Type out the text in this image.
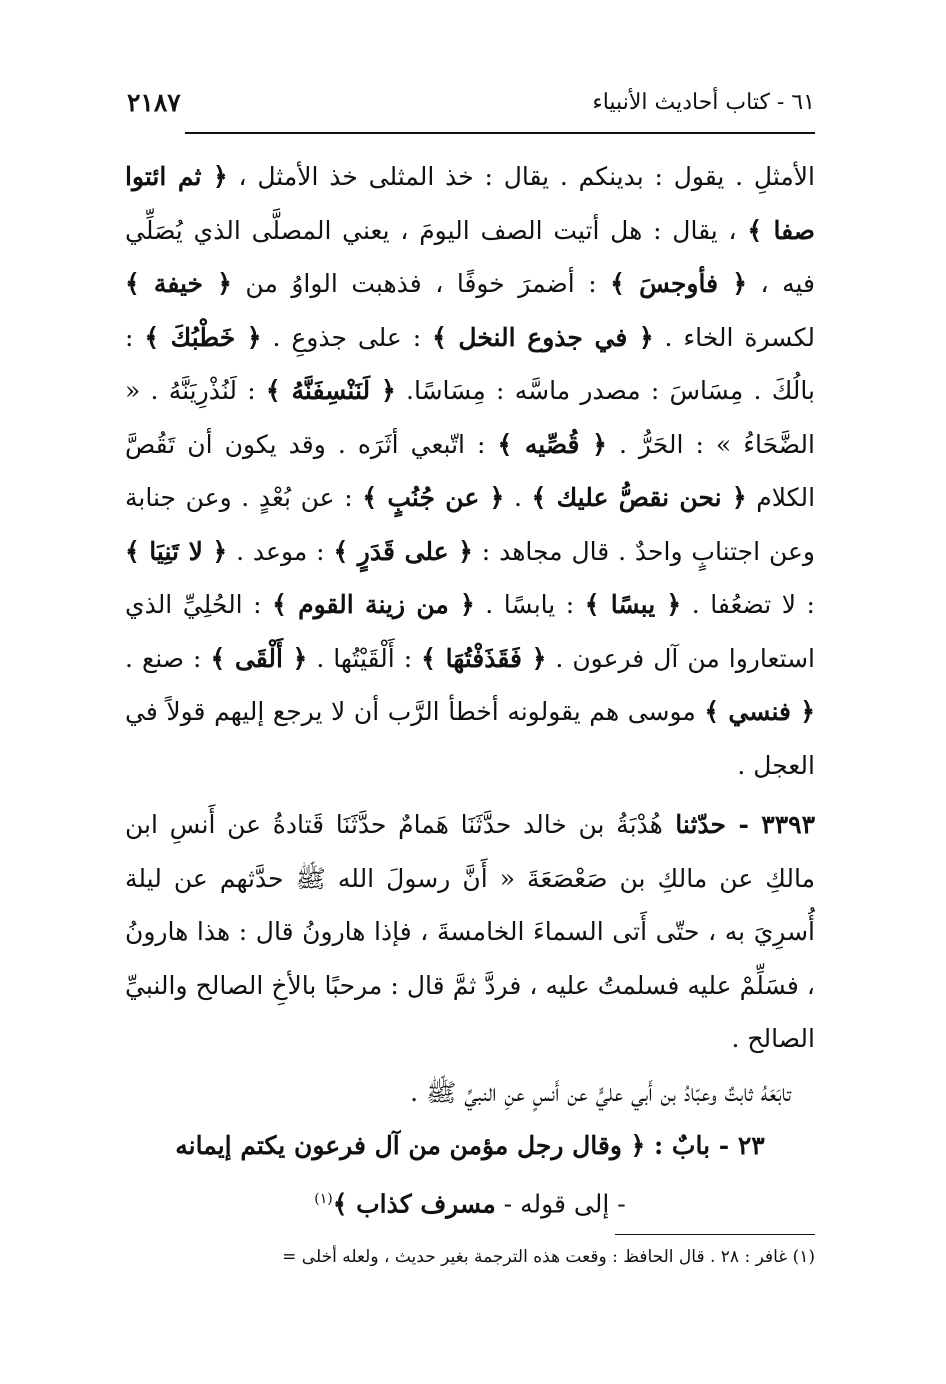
٦١ - كتاب أحاديث الأنبياء
٢١٨٧

الأمثلِ . يقول : بدينكم . يقال : خذ المثلى خذ الأمثل ، ﴿ ثم ائتوا صفا ﴾ ، يقال : هل أتيت الصف اليومَ ، يعني المصلَّى الذي يُصَلِّي فيه ، ﴿ فأوجسَ ﴾ : أضمرَ خوفًا ، فذهبت الواوُ من ﴿ خيفة ﴾ لكسرة الخاء . ﴿ في جذوع النخل ﴾ : على جذوعِ . ﴿ خَطْبُكَ ﴾ : بالُكَ . مِسَاسَ : مصدر ماسَّه : مِسَاسًا. ﴿ لَنَنْسِفَنَّهُ ﴾ : لَنُذْرِيَنَّهُ . « الضَّحَاءُ » : الحَرُّ . ﴿ قُصِّيه ﴾ : اتّبعي أثَرَه . وقد يكون أن تَقُصَّ الكلام ﴿ نحن نقصُّ عليك ﴾ . ﴿ عن جُنُبٍ ﴾ : عن بُعْدٍ . وعن جنابة وعن اجتنابٍ واحدٌ . قال مجاهد : ﴿ على قَدَرٍ ﴾ : موعد . ﴿ لا تَنِيَا ﴾ : لا تضعُفا . ﴿ يبسًا ﴾ : يابسًا . ﴿ من زينة القوم ﴾ : الحُلِيِّ الذي استعاروا من آل فرعون . ﴿ فَقَذَفْتُهَا ﴾ : أَلْقَيْتُها . ﴿ أَلْقَى ﴾ : صنع . ﴿ فنسي ﴾ موسى هم يقولونه أخطأ الرَّب أن لا يرجع إليهم قولاً في العجل .

٣٣٩٣ - حدّثنا هُدْبَةُ بن خالد حدَّثَنَا هَمامٌ حدَّثَنَا قَتادةُ عن أَنسِ ابن مالكِ عن مالكِ بن صَعْصَعَةَ « أَنَّ رسولَ الله ﷺ حدَّثهم عن ليلة أُسرِيَ به ، حتّى أَتى السماءَ الخامسةَ ، فإذا هارونُ قال : هذا هارونُ ، فسَلِّمْ عليه فسلمتُ عليه ، فردَّ ثمَّ قال : مرحبًا بالأخِ الصالح والنبيِّ الصالح .

تابَعَهُ ثابتٌ وعبّادُ بن أَبي عليٍّ عن أَنسٍ عنِ النبيِّ ﷺ .

٢٣ - بابٌ : ﴿ وقال رجل مؤمن من آل فرعون يكتم إيمانه

- إلى قوله - مسرف كذاب ﴾$^{(١)}$

(١) غافر : ٢٨ . قال الحافظ : وقعت هذه الترجمة بغير حديث ، ولعله أخلى =
